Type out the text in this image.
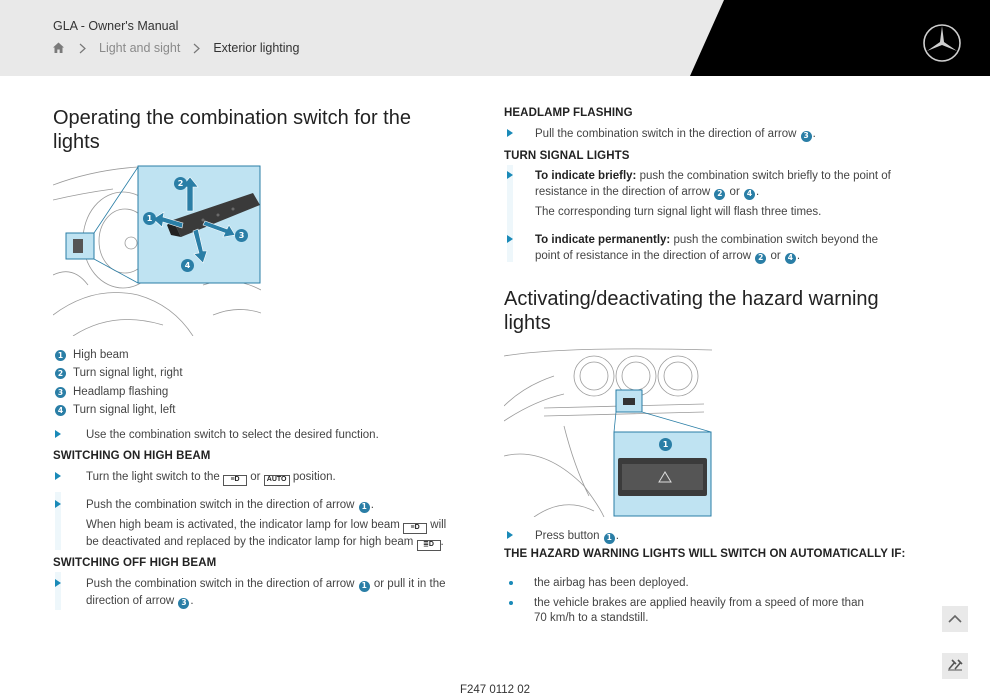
GLA - Owner's Manual
Light and sight	Exterior lighting
Operating the combination switch for the
lights
2
1
3
4
1 High beam
2 Turn signal light, right
3 Headlamp flashing
4 Turn signal light, left
Use the combination switch to select the desired function.
SWITCHING ON HIGH BEAM
Turn the light switch to the ≡D or AUTO position.
Push the combination switch in the direction of arrow 1 .
When high beam is activated, the indicator lamp for low beam ≡D will
be deactivated and replaced by the indicator lamp for high beam ≣D .
SWITCHING OFF HIGH BEAM
Push the combination switch in the direction of arrow 1 or pull it in the
direction of arrow 3 .
HEADLAMP FLASHING
Pull the combination switch in the direction of arrow 3 .
TURN SIGNAL LIGHTS
To indicate briefly: push the combination switch briefly to the point of
resistance in the direction of arrow 2 or 4 .
The corresponding turn signal light will flash three times.
To indicate permanently: push the combination switch beyond the
point of resistance in the direction of arrow 2 or 4 .
Activating/deactivating the hazard warning
lights
1
Press button 1 .
THE HAZARD WARNING LIGHTS WILL SWITCH ON AUTOMATICALLY IF:
the airbag has been deployed.
the vehicle brakes are applied heavily from a speed of more than
70 km/h to a standstill.
F247 0112 02
